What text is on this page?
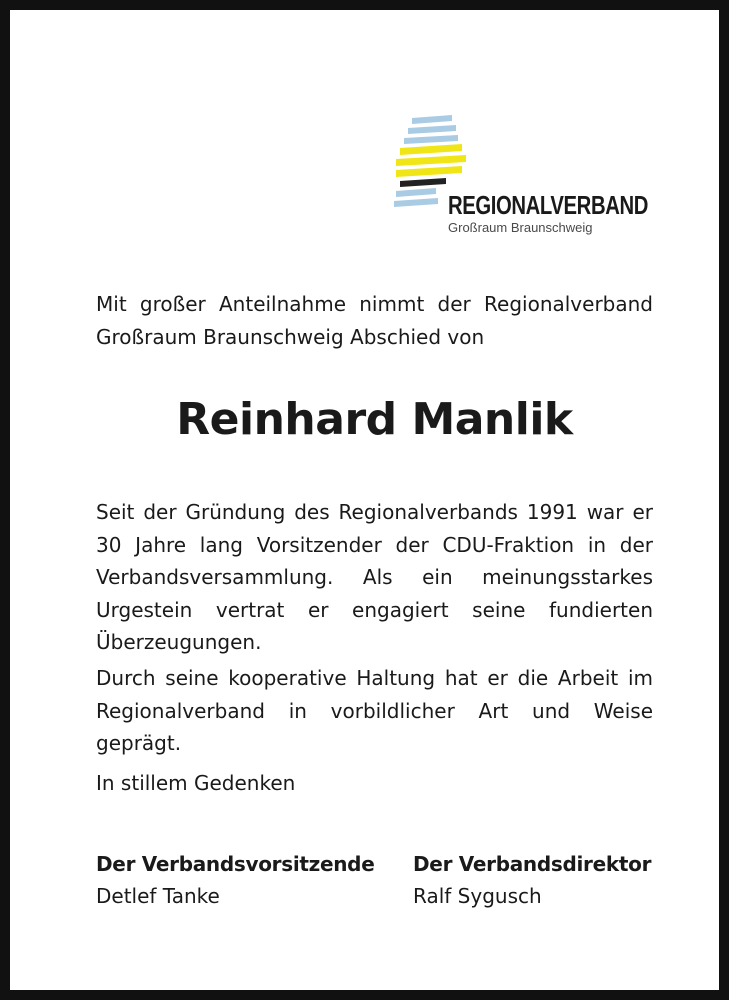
REGIONALVERBAND
Großraum Braunschweig
Mit großer Anteilnahme nimmt der Regionalverband Großraum Braunschweig Abschied von
Reinhard Manlik
Seit der Gründung des Regionalverbands 1991 war er 30 Jahre lang Vorsitzender der CDU-Fraktion in der Verbandsversammlung. Als ein meinungsstarkes Urgestein vertrat er engagiert seine fundierten Überzeugungen.
Durch seine kooperative Haltung hat er die Arbeit im Regionalverband in vorbildlicher Art und Weise geprägt.
In stillem Gedenken
Der Verbandsvorsitzende
Detlef Tanke
Der Verbandsdirektor
Ralf Sygusch
